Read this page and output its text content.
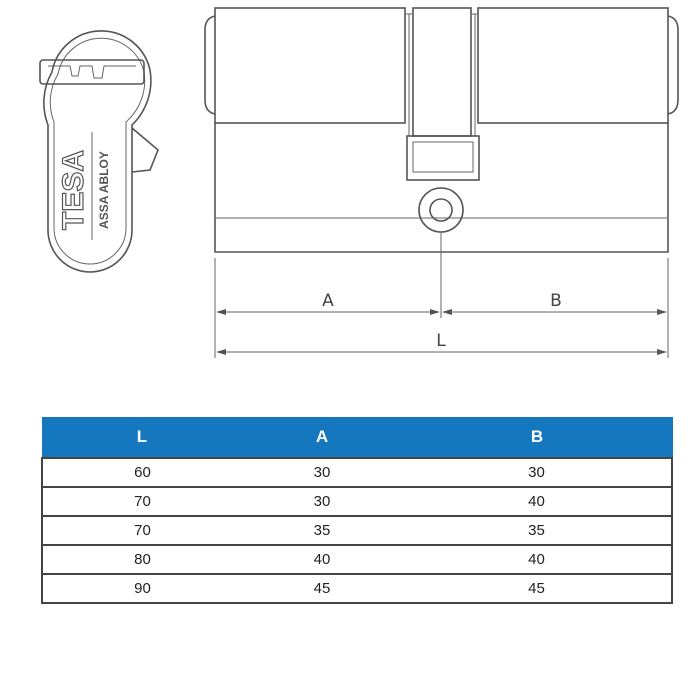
TESA ASSA ABLOY
A	B
L
L	A	B
60	30	30
70	30	40
70	35	35
80	40	40
90	45	45
